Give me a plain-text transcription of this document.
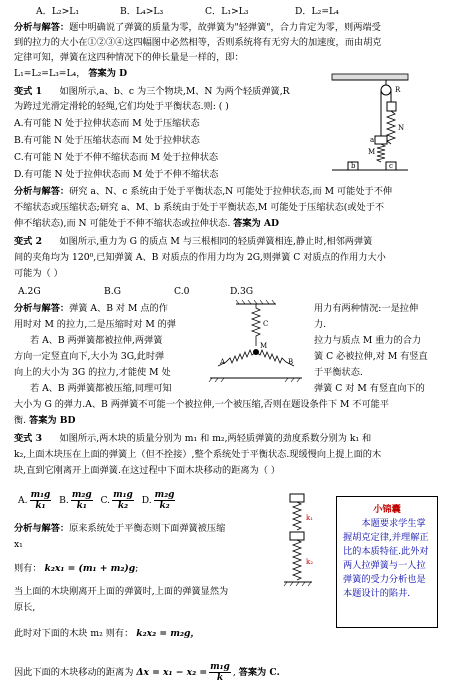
A．L₂>L₁	B．L₄>L₃	C．L₁>L₃	D．L₂=L₄
分析与解答：题中明确说了弹簧的质量为零，故弹簧为"轻弹簧"，合力肯定为零，则两端受
到的拉力的大小在①②③④这四幅图中必然相等，否则系统将有无穷大的加速度，而由胡克
定律可知，弹簧在这四种情况下的伸长量是一样的，即：
L₁=L₂=L₃=L₄， 答案为 D
变式 1 如图所示,a、b、c 为三个物块,M、N 为两个轻质弹簧,R
为跨过光滑定滑轮的轻绳,它们均处于平衡状态.则: ( )
A.有可能 N 处于拉伸状态而 M 处于压缩状态
B.有可能 N 处于压缩状态而 M 处于拉伸状态
C.有可能 N 处于不伸不缩状态而 M 处于拉伸状态
D.有可能 N 处于拉伸状态而 M 处于不伸不缩状态
R
N
a
M
b	c
分析与解答：研究 a、N、c 系统由于处于平衡状态,N 可能处于拉伸状态,而 M 可能处于不伸
不缩状态或压缩状态;研究 a、M、b 系统由于处于平衡状态,M 可能处于压缩状态(或处于不
伸不缩状态),而 N 可能处于不伸不缩状态或拉伸状态. 答案为 AD
变式 2 如图所示,重力为 G 的质点 M 与三根相同的轻质弹簧相连,静止时,相邻两弹簧
间的夹角均为 120⁰,已知弹簧 A、B 对质点的作用力均为 2G,则弹簧 C 对质点的作用力大小
可能为（ ）
A.2G	B.G	C.0	D.3G
分析与解答：弹簧 A、B 对 M 点的作
用时对 M 的拉力,二是压缩时对 M 的弹
若 A、B 两弹簧都被拉伸,两弹簧
方向一定竖直向下,大小为 3G,此时弹
向上的大小为 3G 的拉力,才能使 M 处
若 A、B 两弹簧都被压缩,同理可知
用力有两种情况:一是拉伸
力.
拉力与质点 M 重力的合力
簧 C 必被拉伸,对 M 有竖直
于平衡状态.
弹簧 C 对 M 有竖直向下的
C
M
A	B
大小为 G 的弹力.A、B 两弹簧不可能一个被拉伸,一个被压缩,否则在题设条件下 M 不可能平
衡. 答案为 BD
变式 3 如图所示,两木块的质量分别为 m₁ 和 m₂,两轻质弹簧的劲度系数分别为 k₁ 和
k₂,上面木块压在上面的弹簧上（但不拴接）,整个系统处于平衡状态.现缓慢向上提上面的木
块,直到它刚离开上面弹簧.在这过程中下面木块移动的距离为（ ）
A. $\frac{\text{m₁g}}{\text{k₁}} B$. $\frac{\text{m₂g}}{\text{k₁}} C$. $\frac{\text{m₁g}}{\text{k₂}} D$. $\frac{\text{m₂g}}{\text{k₂}}$
k₁
k₂
小锦囊
本题要求学生掌握胡克定律,并理解正比的本质特征.此外对两人拉弹簧与一人拉弹簧的受力分析也是本题设计的陷井.
分析与解答：原来系统处于平衡态则下面弹簧被压缩
x₁
则有： k₂x₁ = (m₁ + m₂)g;
当上面的木块刚离开上面的弹簧时,上面的弹簧显然为
原长,
此时对下面的木块 m₂ 则有： k₂x₂ = m₂g，
因此下面的木块移动的距离为 $\Delta x = x_1 - x_2 = \frac{\text{m₁g}}{k}$ , 答案为 C.
